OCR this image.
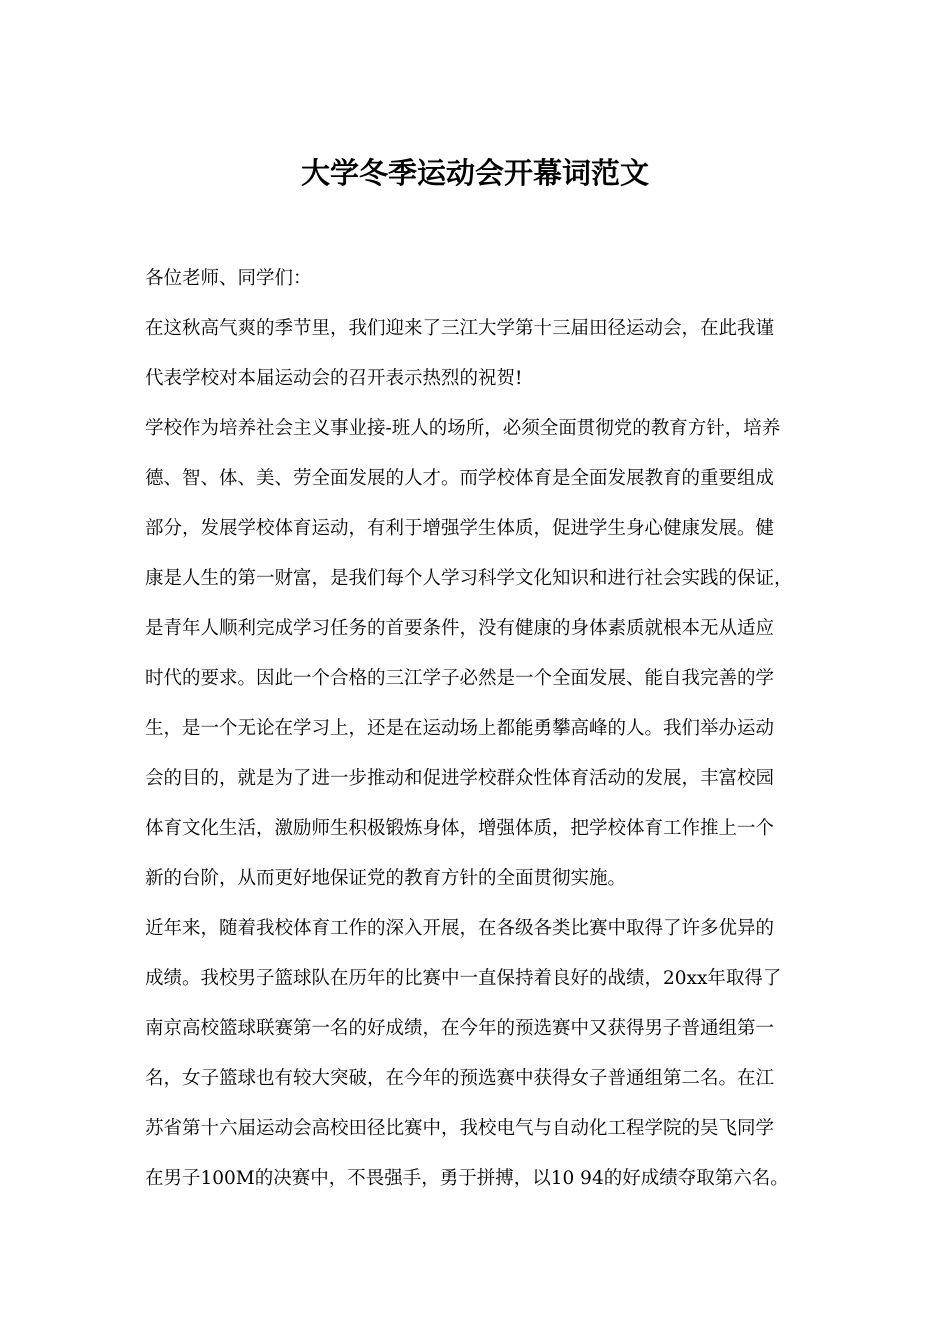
大学冬季运动会开幕词范文

各位老师、同学们：

在这秋高气爽的季节里，我们迎来了三江大学第十三届田径运动会，在此我谨

代表学校对本届运动会的召开表示热烈的祝贺!

学校作为培养社会主义事业接-班人的场所，必须全面贯彻党的教育方针，培养

德、智、体、美、劳全面发展的人才。而学校体育是全面发展教育的重要组成

部分，发展学校体育运动，有利于增强学生体质，促进学生身心健康发展。健

康是人生的第一财富，是我们每个人学习科学文化知识和进行社会实践的保证，

是青年人顺利完成学习任务的首要条件，没有健康的身体素质就根本无从适应

时代的要求。因此一个合格的三江学子必然是一个全面发展、能自我完善的学

生，是一个无论在学习上，还是在运动场上都能勇攀高峰的人。我们举办运动

会的目的，就是为了进一步推动和促进学校群众性体育活动的发展，丰富校园

体育文化生活，激励师生积极锻炼身体，增强体质，把学校体育工作推上一个

新的台阶，从而更好地保证党的教育方针的全面贯彻实施。

近年来，随着我校体育工作的深入开展，在各级各类比赛中取得了许多优异的

成绩。我校男子篮球队在历年的比赛中一直保持着良好的战绩，20xx年取得了

南京高校篮球联赛第一名的好成绩，在今年的预选赛中又获得男子普通组第一

名，女子篮球也有较大突破，在今年的预选赛中获得女子普通组第二名。在江

苏省第十六届运动会高校田径比赛中，我校电气与自动化工程学院的吴飞同学

在男子100M的决赛中，不畏强手，勇于拼搏，以10 94的好成绩夺取第六名。
